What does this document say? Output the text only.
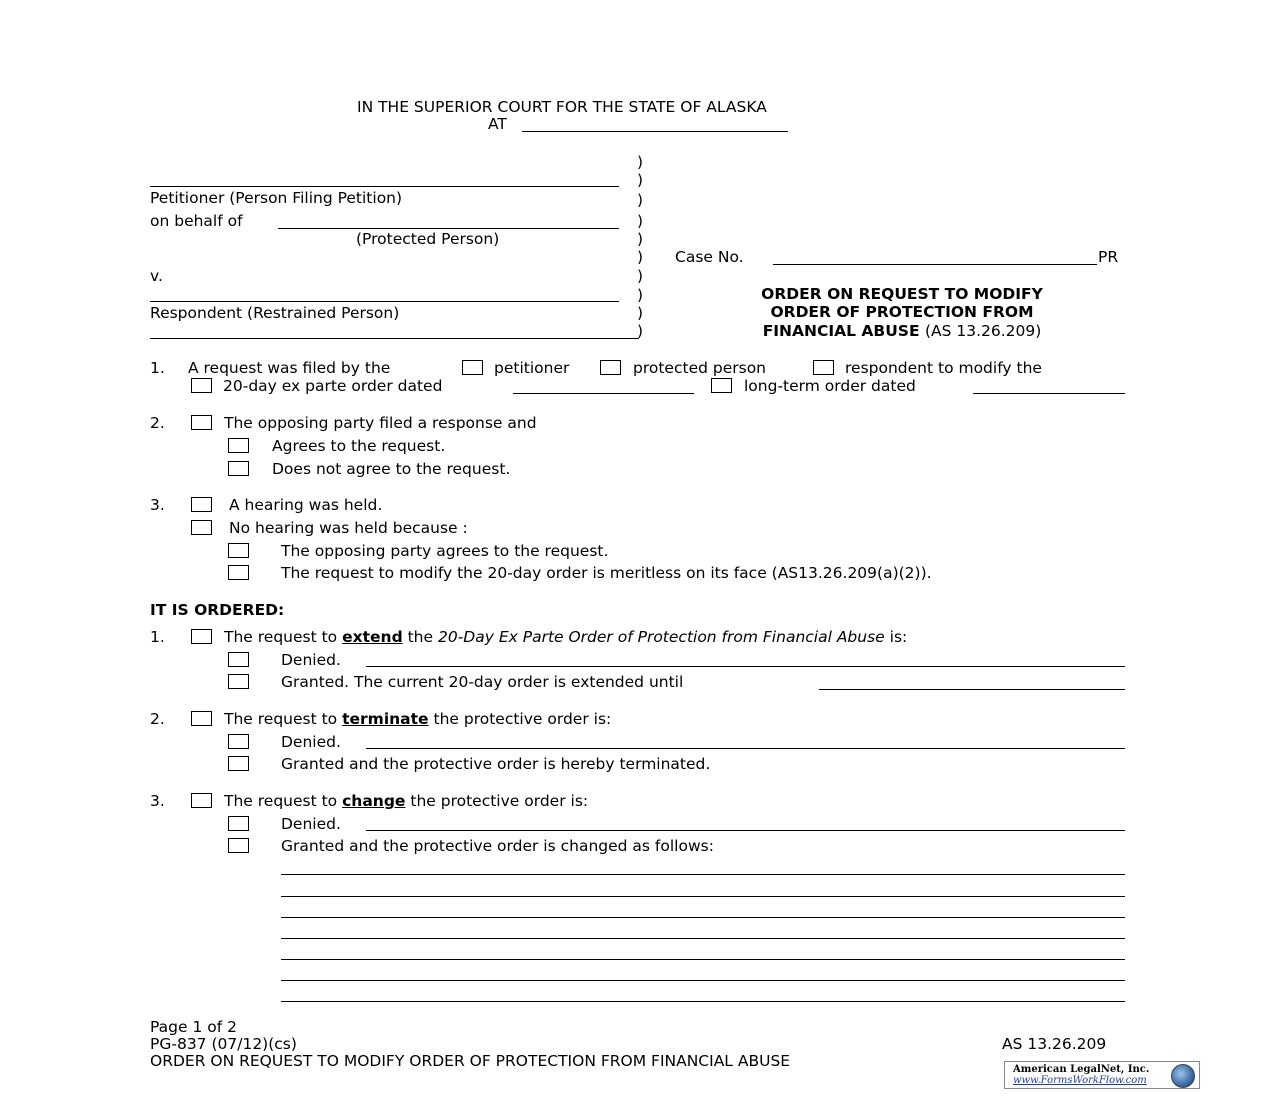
IN THE SUPERIOR COURT FOR THE STATE OF ALASKA
AT
Petitioner (Person Filing Petition)
on behalf of
(Protected Person)
v.
Respondent (Restrained Person)
)
)
)
)
)
)
)
)
)
)
Case No.	PR
ORDER ON REQUEST TO MODIFY
ORDER OF PROTECTION FROM
FINANCIAL ABUSE (AS 13.26.209)
1. A request was filed by the	petitioner	protected person	respondent to modify the
20-day ex parte order dated	long-term order dated
2.	The opposing party filed a response and
Agrees to the request.
Does not agree to the request.
3.	A hearing was held.
No hearing was held because :
The opposing party agrees to the request.
The request to modify the 20-day order is meritless on its face (AS13.26.209(a)(2)).
IT IS ORDERED:
1.	The request to extend the 20-Day Ex Parte Order of Protection from Financial Abuse is:
Denied.
Granted. The current 20-day order is extended until
2.	The request to terminate the protective order is:
Denied.
Granted and the protective order is hereby terminated.
3.	The request to change the protective order is:
Denied.
Granted and the protective order is changed as follows:
Page 1 of 2
PG-837 (07/12)(cs)
ORDER ON REQUEST TO MODIFY ORDER OF PROTECTION FROM FINANCIAL ABUSE
AS 13.26.209
American LegalNet, Inc.
www.FormsWorkFlow.com
